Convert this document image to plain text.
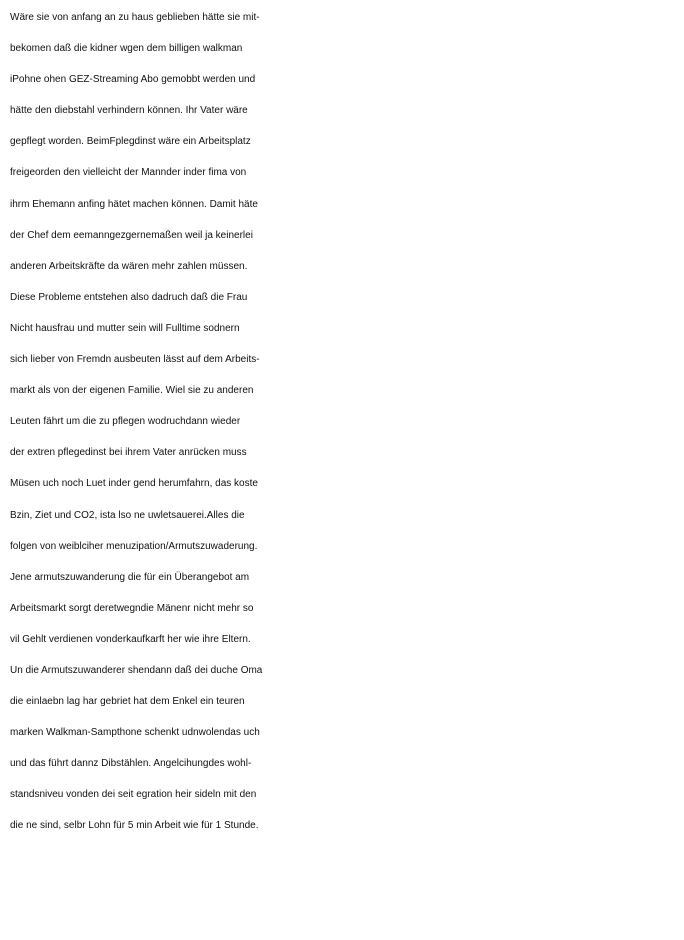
Wäre sie von anfang an zu haus geblieben hätte sie mit-
bekomen daß die kidner wgen dem billigen walkman
iPohne ohen GEZ-Streaming Abo gemobbt werden und
hätte den diebstahl verhindern können. Ihr Vater wäre
gepflegt worden. BeimFplegdinst wäre ein Arbeitsplatz
freigeorden den vielleicht der Mannder inder fima von
ihrm Ehemann anfing hätet machen können. Damit häte
der Chef dem eemanngezgernemaßen weil ja keinerlei
anderen Arbeitskräfte da wären mehr zahlen müssen.
Diese Probleme entstehen also dadruch daß die Frau
Nicht hausfrau und mutter sein will Fulltime sodnern
sich lieber von Fremdn ausbeuten lässt auf dem Arbeits-
markt als von der eigenen Familie. Wiel sie zu anderen
Leuten fährt um die zu pflegen wodruchdann wieder
der extren pflegedinst bei ihrem Vater anrücken muss
Müsen uch noch Luet inder gend herumfahrn, das koste
Bzin, Ziet und CO2, ista lso ne uwletsauerei.Alles die
folgen von weiblciher menuzipation/Armutszuwaderung.
Jene armutszuwanderung die für ein Überangebot am
Arbeitsmarkt sorgt deretwegndie Mänenr nicht mehr so
vil Gehlt verdienen vonderkaufkarft her wie ihre Eltern.
Un die Armutszuwanderer shendann daß dei duche Oma
die einlaebn lag har gebriet hat dem Enkel ein teuren
marken Walkman-Sampthone schenkt udnwolendas uch
und das führt dannz Dibstählen. Angelcihungdes wohl-
standsniveu vonden dei seit egration heir sideln mit den
die ne sind, selbr Lohn für 5 min Arbeit wie für 1 Stunde.
